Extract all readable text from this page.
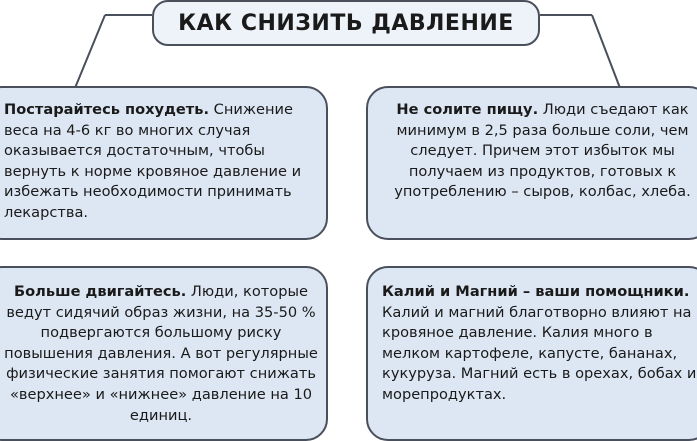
КАК СНИЗИТЬ ДАВЛЕНИЕ

Постарайтесь похудеть. Снижение веса на 4-6 кг во многих случая оказывается достаточным, чтобы вернуть к норме кровяное давление и избежать необходимости принимать лекарства.

Не солите пищу. Люди съедают как минимум в 2,5 раза больше соли, чем следует. Причем этот избыток мы получаем из продуктов, готовых к употреблению – сыров, колбас, хлеба.

Больше двигайтесь. Люди, которые ведут сидячий образ жизни, на 35-50 % подвергаются большому риску повышения давления. А вот регулярные физические занятия помогают снижать «верхнее» и «нижнее» давление на 10 единиц.

Калий и Магний – ваши помощники. Калий и магний благотворно влияют на кровяное давление. Калия много в мелком картофеле, капусте, бананах, кукуруза. Магний есть в орехах, бобах и морепродуктах.
